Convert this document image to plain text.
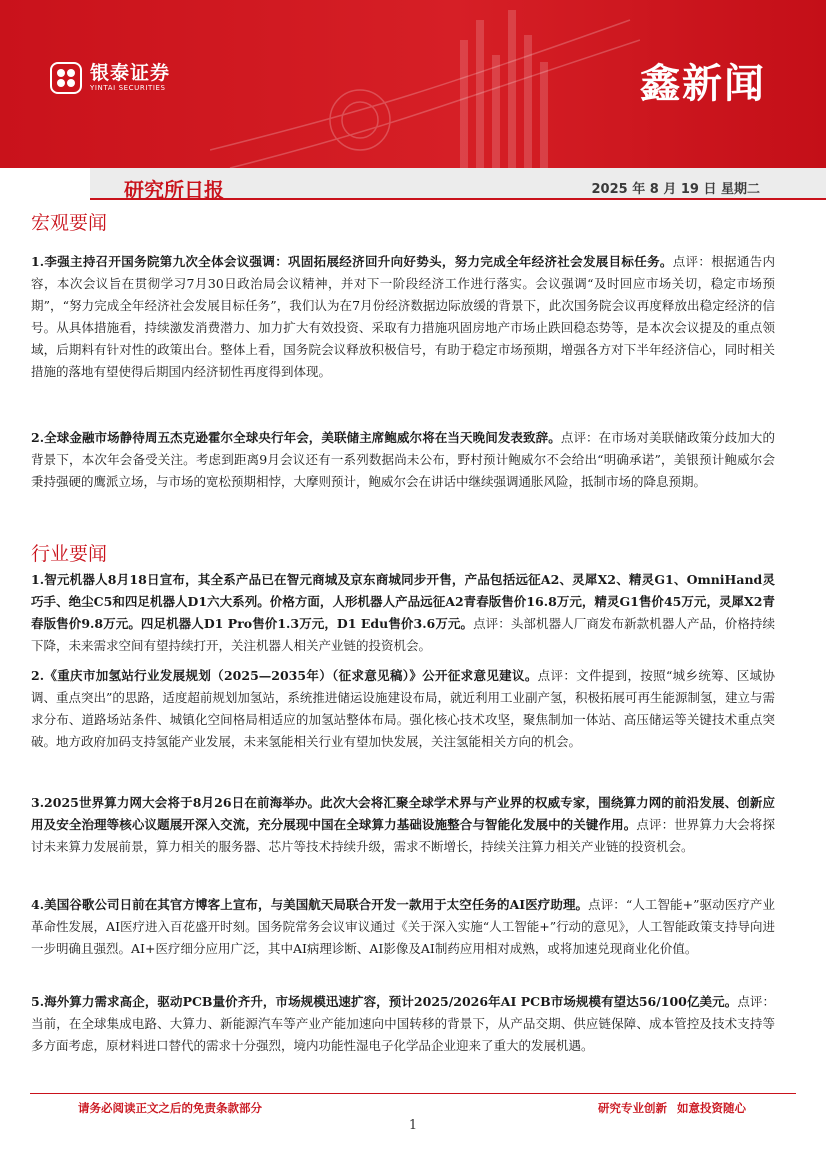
银泰证券
YINTAI SECURITIES	鑫新闻
研究所日报	2025 年 8 月 19 日 星期二
宏观要闻
1.李强主持召开国务院第九次全体会议强调：巩固拓展经济回升向好势头，努力完成全年经济社会发展目标任务。点评：根据通告内容，本次会议旨在贯彻学习7月30日政治局会议精神，并对下一阶段经济工作进行落实。会议强调“及时回应市场关切，稳定市场预期”，“努力完成全年经济社会发展目标任务”，我们认为在7月份经济数据边际放缓的背景下，此次国务院会议再度释放出稳定经济的信号。从具体措施看，持续激发消费潜力、加力扩大有效投资、采取有力措施巩固房地产市场止跌回稳态势等，是本次会议提及的重点领域，后期料有针对性的政策出台。整体上看，国务院会议释放积极信号，有助于稳定市场预期，增强各方对下半年经济信心，同时相关措施的落地有望使得后期国内经济韧性再度得到体现。
2.全球金融市场静待周五杰克逊霍尔全球央行年会，美联储主席鲍威尔将在当天晚间发表致辞。点评：在市场对美联储政策分歧加大的背景下，本次年会备受关注。考虑到距离9月会议还有一系列数据尚未公布，野村预计鲍威尔不会给出“明确承诺”，美银预计鲍威尔会秉持强硬的鹰派立场，与市场的宽松预期相悖，大摩则预计，鲍威尔会在讲话中继续强调通胀风险，抵制市场的降息预期。
行业要闻
1.智元机器人8月18日宣布，其全系产品已在智元商城及京东商城同步开售，产品包括远征A2、灵犀X2、精灵G1、OmniHand灵巧手、绝尘C5和四足机器人D1六大系列。价格方面，人形机器人产品远征A2青春版售价16.8万元，精灵G1售价45万元，灵犀X2青春版售价9.8万元。四足机器人D1 Pro售价1.3万元，D1 Edu售价3.6万元。点评：头部机器人厂商发布新款机器人产品，价格持续下降，未来需求空间有望持续打开，关注机器人相关产业链的投资机会。
2.《重庆市加氢站行业发展规划（2025—2035年）（征求意见稿）》公开征求意见建议。点评：文件提到，按照“城乡统筹、区域协调、重点突出”的思路，适度超前规划加氢站，系统推进储运设施建设布局，就近利用工业副产氢，积极拓展可再生能源制氢，建立与需求分布、道路场站条件、城镇化空间格局相适应的加氢站整体布局。强化核心技术攻坚，聚焦制加一体站、高压储运等关键技术重点突破。地方政府加码支持氢能产业发展，未来氢能相关行业有望加快发展，关注氢能相关方向的机会。
3.2025世界算力网大会将于8月26日在前海举办。此次大会将汇聚全球学术界与产业界的权威专家，围绕算力网的前沿发展、创新应用及安全治理等核心议题展开深入交流，充分展现中国在全球算力基础设施整合与智能化发展中的关键作用。点评：世界算力大会将探讨未来算力发展前景，算力相关的服务器、芯片等技术持续升级，需求不断增长，持续关注算力相关产业链的投资机会。
4.美国谷歌公司日前在其官方博客上宣布，与美国航天局联合开发一款用于太空任务的AI医疗助理。点评：“人工智能+”驱动医疗产业革命性发展，AI医疗进入百花盛开时刻。国务院常务会议审议通过《关于深入实施“人工智能+”行动的意见》，人工智能政策支持导向进一步明确且强烈。AI+医疗细分应用广泛，其中AI病理诊断、AI影像及AI制药应用相对成熟，或将加速兑现商业化价值。
5.海外算力需求高企，驱动PCB量价齐升，市场规模迅速扩容，预计2025/2026年AI PCB市场规模有望达56/100亿美元。点评：当前，在全球集成电路、大算力、新能源汽车等产业产能加速向中国转移的背景下，从产品交期、供应链保障、成本管控及技术支持等多方面考虑，原材料进口替代的需求十分强烈，境内功能性湿电子化学品企业迎来了重大的发展机遇。
请务必阅读正文之后的免责条款部分	研究专业创新 如意投资随心
1
